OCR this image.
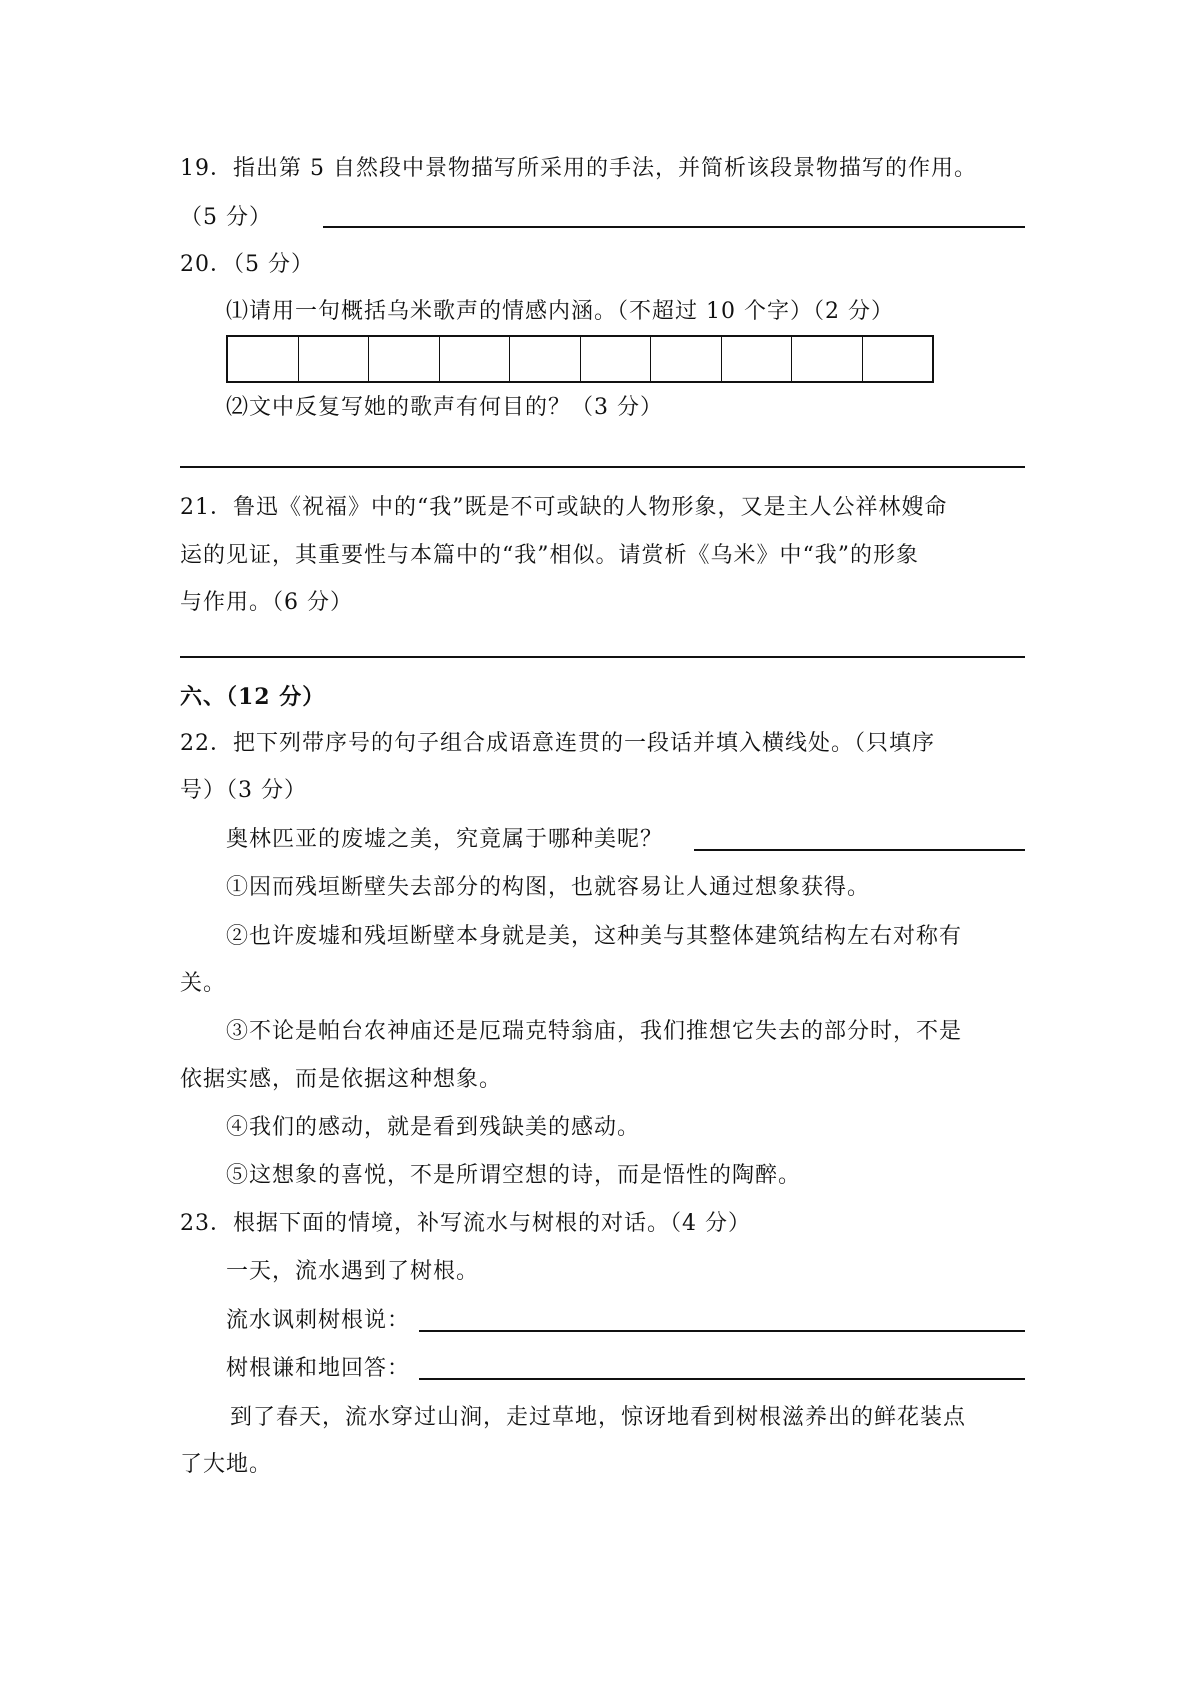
19．指出第 5 自然段中景物描写所采用的手法，并简析该段景物描写的作用。
（5 分）
20．（5 分）
⑴请用一句概括乌米歌声的情感内涵。（不超过 10 个字）（2 分）
⑵文中反复写她的歌声有何目的？（3 分）
21．鲁迅《祝福》中的“我”既是不可或缺的人物形象，又是主人公祥林嫂命
运的见证，其重要性与本篇中的“我”相似。请赏析《乌米》中“我”的形象
与作用。（6 分）
六、（12 分）
22．把下列带序号的句子组合成语意连贯的一段话并填入横线处。（只填序
号）（3 分）
奥林匹亚的废墟之美，究竟属于哪种美呢？
①因而残垣断壁失去部分的构图，也就容易让人通过想象获得。
②也许废墟和残垣断壁本身就是美，这种美与其整体建筑结构左右对称有
关。
③不论是帕台农神庙还是厄瑞克特翁庙，我们推想它失去的部分时，不是
依据实感，而是依据这种想象。
④我们的感动，就是看到残缺美的感动。
⑤这想象的喜悦，不是所谓空想的诗，而是悟性的陶醉。
23．根据下面的情境，补写流水与树根的对话。（4 分）
一天，流水遇到了树根。
流水讽刺树根说：
树根谦和地回答：
到了春天，流水穿过山涧，走过草地，惊讶地看到树根滋养出的鲜花装点
了大地。
